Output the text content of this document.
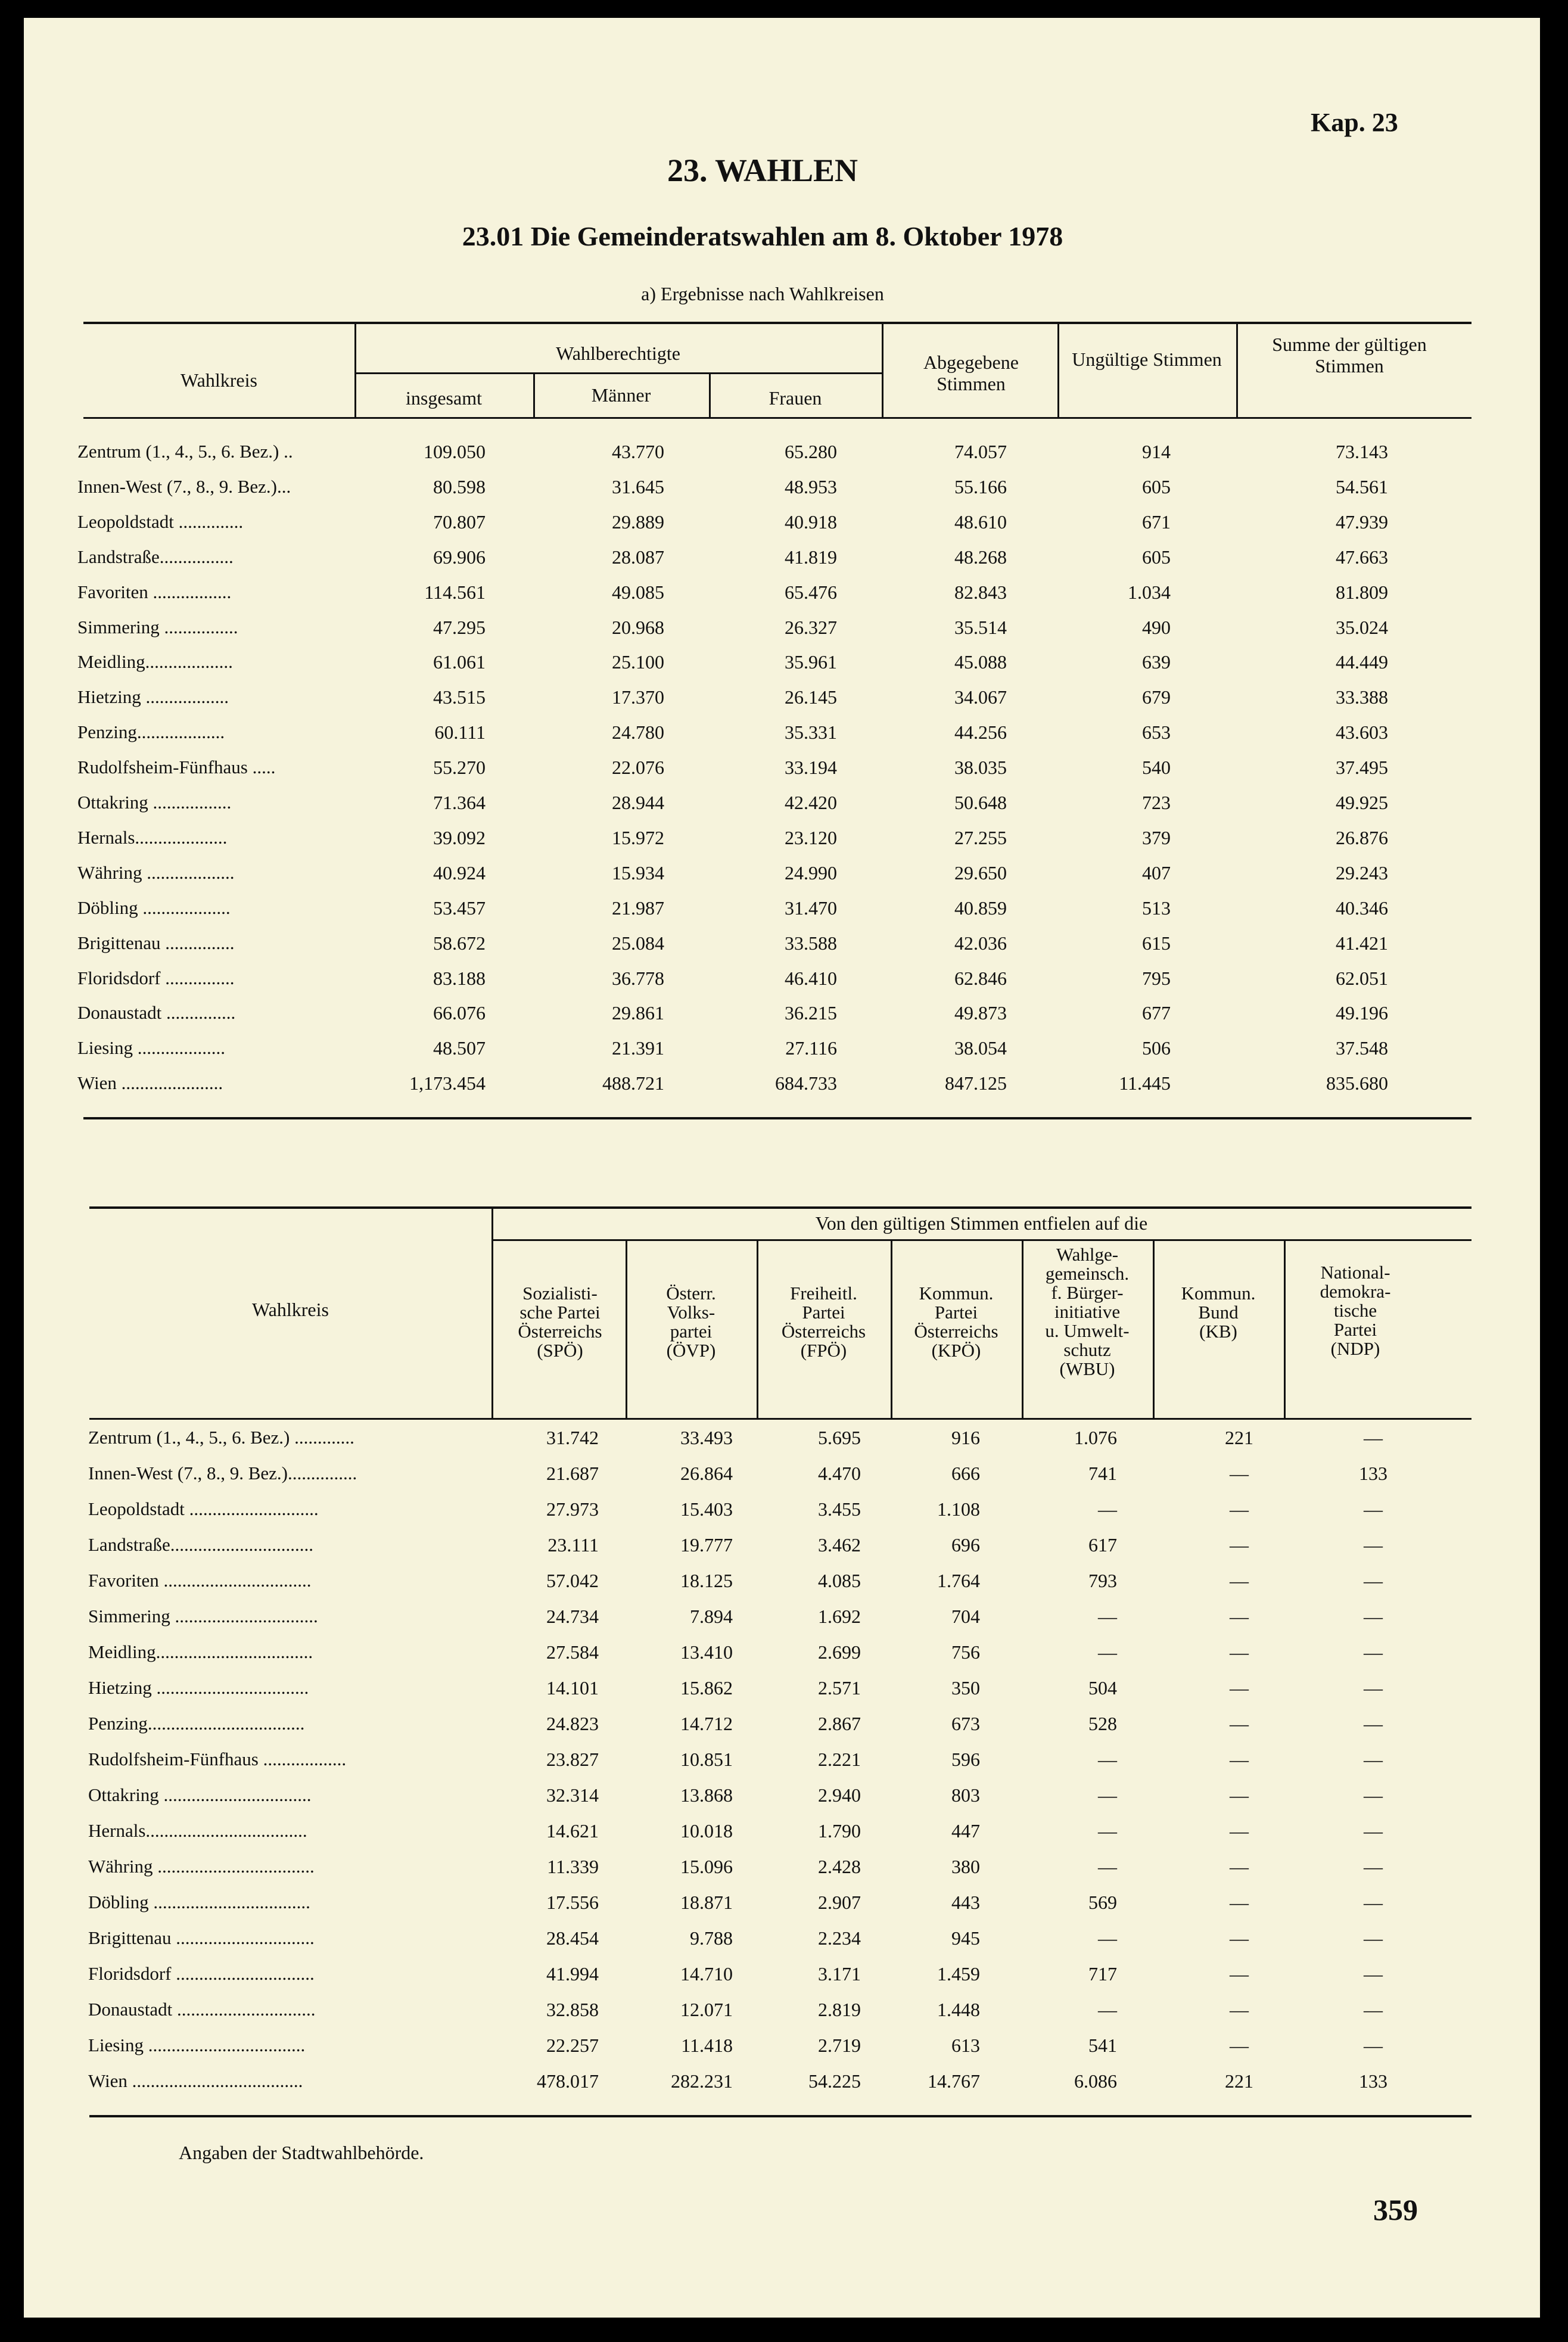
Kap. 23
23. WAHLEN
23.01 Die Gemeinderatswahlen am 8. Oktober 1978
a) Ergebnisse nach Wahlkreisen
Wahlkreis
Wahlberechtigte
insgesamt	Männer	Frauen
Abgegebene Stimmen
Ungültige Stimmen
Summe der gültigen Stimmen
Zentrum (1., 4., 5., 6. Bez.) ..	109.050	43.770	65.280	74.057	914	73.143
Innen-West (7., 8., 9. Bez.)...	80.598	31.645	48.953	55.166	605	54.561
Leopoldstadt ..............	70.807	29.889	40.918	48.610	671	47.939
Landstraße................	69.906	28.087	41.819	48.268	605	47.663
Favoriten .................	114.561	49.085	65.476	82.843	1.034	81.809
Simmering ................	47.295	20.968	26.327	35.514	490	35.024
Meidling...................	61.061	25.100	35.961	45.088	639	44.449
Hietzing ..................	43.515	17.370	26.145	34.067	679	33.388
Penzing...................	60.111	24.780	35.331	44.256	653	43.603
Rudolfsheim-Fünfhaus .....	55.270	22.076	33.194	38.035	540	37.495
Ottakring .................	71.364	28.944	42.420	50.648	723	49.925
Hernals....................	39.092	15.972	23.120	27.255	379	26.876
Währing ...................	40.924	15.934	24.990	29.650	407	29.243
Döbling ...................	53.457	21.987	31.470	40.859	513	40.346
Brigittenau ...............	58.672	25.084	33.588	42.036	615	41.421
Floridsdorf ...............	83.188	36.778	46.410	62.846	795	62.051
Donaustadt ...............	66.076	29.861	36.215	49.873	677	49.196
Liesing ...................	48.507	21.391	27.116	38.054	506	37.548
Wien ......................	1,173.454	488.721	684.733	847.125	11.445	835.680
Wahlkreis
Von den gültigen Stimmen entfielen auf die
Sozialisti-
sche Partei
Österreichs
(SPÖ)
Österr.
Volks-
partei
(ÖVP)
Freiheitl.
Partei
Österreichs
(FPÖ)
Kommun.
Partei
Österreichs
(KPÖ)
Wahlge-
gemeinsch.
f. Bürger-
initiative
u. Umwelt-
schutz
(WBU)
Kommun.
Bund
(KB)
National-
demokra-
tische
Partei
(NDP)
Zentrum (1., 4., 5., 6. Bez.) .............	31.742	33.493	5.695	916	1.076	221	—
Innen-West (7., 8., 9. Bez.)...............	21.687	26.864	4.470	666	741	—	133
Leopoldstadt ............................	27.973	15.403	3.455	1.108	—	—	—
Landstraße...............................	23.111	19.777	3.462	696	617	—	—
Favoriten ................................	57.042	18.125	4.085	1.764	793	—	—
Simmering ...............................	24.734	7.894	1.692	704	—	—	—
Meidling..................................	27.584	13.410	2.699	756	—	—	—
Hietzing .................................	14.101	15.862	2.571	350	504	—	—
Penzing..................................	24.823	14.712	2.867	673	528	—	—
Rudolfsheim-Fünfhaus ..................	23.827	10.851	2.221	596	—	—	—
Ottakring ................................	32.314	13.868	2.940	803	—	—	—
Hernals...................................	14.621	10.018	1.790	447	—	—	—
Währing ..................................	11.339	15.096	2.428	380	—	—	—
Döbling ..................................	17.556	18.871	2.907	443	569	—	—
Brigittenau ..............................	28.454	9.788	2.234	945	—	—	—
Floridsdorf ..............................	41.994	14.710	3.171	1.459	717	—	—
Donaustadt ..............................	32.858	12.071	2.819	1.448	—	—	—
Liesing ..................................	22.257	11.418	2.719	613	541	—	—
Wien .....................................	478.017	282.231	54.225	14.767	6.086	221	133
Angaben der Stadtwahlbehörde.
359
